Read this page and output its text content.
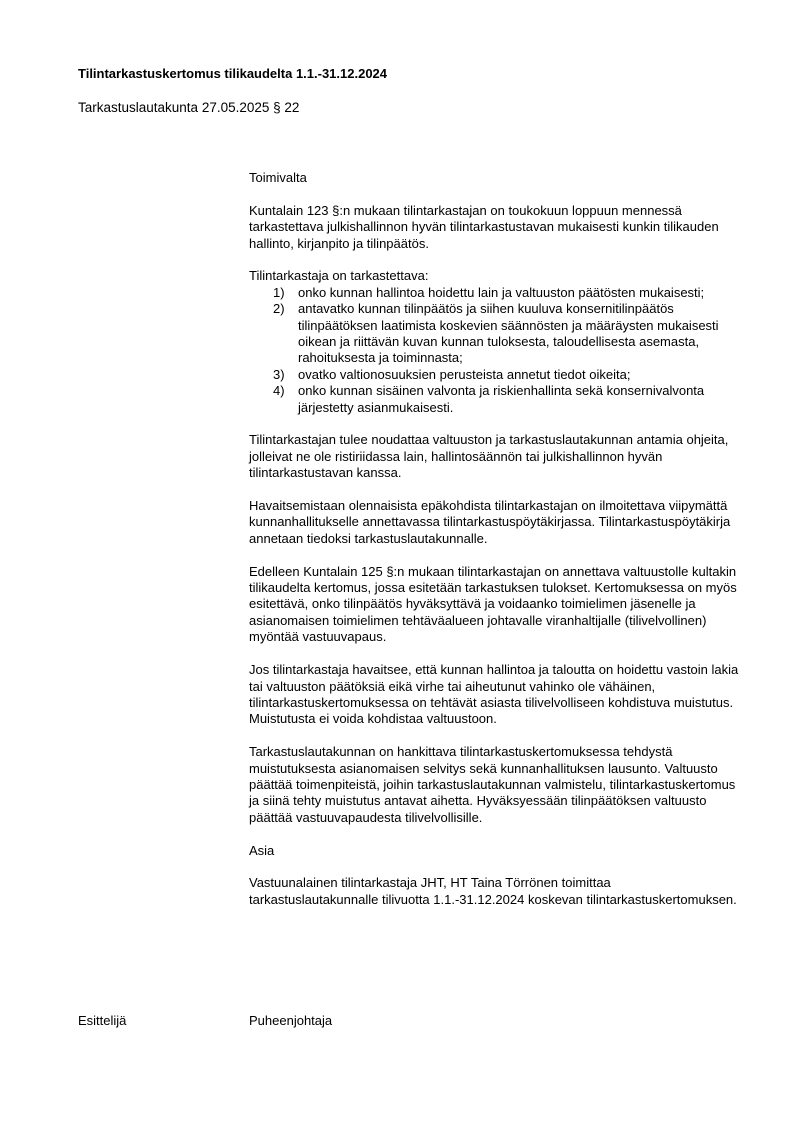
Tilintarkastuskertomus tilikaudelta 1.1.-31.12.2024
Tarkastuslautakunta 27.05.2025 § 22

Toimivalta

Kuntalain 123 §:n mukaan tilintarkastajan on toukokuun loppuun mennessä tarkastettava julkishallinnon hyvän tilintarkastustavan mukaisesti kunkin tilikauden hallinto, kirjanpito ja tilinpäätös.

Tilintarkastaja on tarkastettava:
1) onko kunnan hallintoa hoidettu lain ja valtuuston päätösten mukaisesti;
2) antavatko kunnan tilinpäätös ja siihen kuuluva konsernitilinpäätös tilinpäätöksen laatimista koskevien säännösten ja määräysten mukaisesti oikean ja riittävän kuvan kunnan tuloksesta, taloudellisesta asemasta, rahoituksesta ja toiminnasta;
3) ovatko valtionosuuksien perusteista annetut tiedot oikeita;
4) onko kunnan sisäinen valvonta ja riskienhallinta sekä konsernivalvonta järjestetty asianmukaisesti.

Tilintarkastajan tulee noudattaa valtuuston ja tarkastuslautakunnan antamia ohjeita, jolleivat ne ole ristiriidassa lain, hallintosäännön tai julkishallinnon hyvän tilintarkastustavan kanssa.

Havaitsemistaan olennaisista epäkohdista tilintarkastajan on ilmoitettava viipymättä kunnanhallitukselle annettavassa tilintarkastuspöytäkirjassa. Tilintarkastuspöytäkirja annetaan tiedoksi tarkastuslautakunnalle.

Edelleen Kuntalain 125 §:n mukaan tilintarkastajan on annettava valtuustolle kultakin tilikaudelta kertomus, jossa esitetään tarkastuksen tulokset. Kertomuksessa on myös esitettävä, onko tilinpäätös hyväksyttävä ja voidaanko toimielimen jäsenelle ja asianomaisen toimielimen tehtäväalueen johtavalle viranhaltijalle (tilivelvollinen) myöntää vastuuvapaus.

Jos tilintarkastaja havaitsee, että kunnan hallintoa ja taloutta on hoidettu vastoin lakia tai valtuuston päätöksiä eikä virhe tai aiheutunut vahinko ole vähäinen, tilintarkastuskertomuksessa on tehtävät asiasta tilivelvolliseen kohdistuva muistutus. Muistutusta ei voida kohdistaa valtuustoon.

Tarkastuslautakunnan on hankittava tilintarkastuskertomuksessa tehdystä muistutuksesta asianomaisen selvitys sekä kunnanhallituksen lausunto. Valtuusto päättää toimenpiteistä, joihin tarkastuslautakunnan valmistelu, tilintarkastuskertomus ja siinä tehty muistutus antavat aihetta. Hyväksyessään tilinpäätöksen valtuusto päättää vastuuvapaudesta tilivelvollisille.

Asia

Vastuunalainen tilintarkastaja JHT, HT Taina Törrönen toimittaa tarkastuslautakunnalle tilivuotta 1.1.-31.12.2024 koskevan tilintarkastuskertomuksen.

Esittelijä	Puheenjohtaja
